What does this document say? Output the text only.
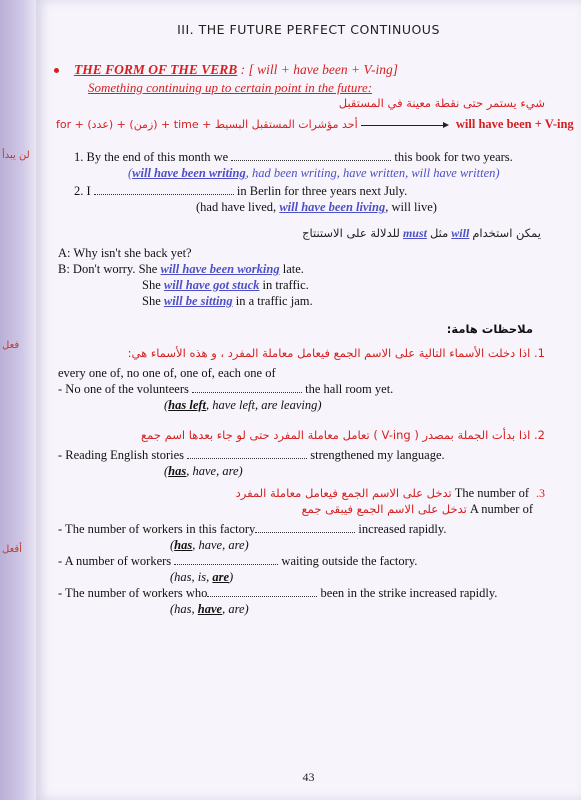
لن يبدأ
فعل
أقعل
III. THE FUTURE PERFECT CONTINUOUS
THE FORM OF THE VERB : [ will + have been + V-ing]
Something continuing up to certain point in the future:
شيء يستمر حتى نقطة معينة في المستقبل
for + (عدد) + (زمن) + time + أحد مؤشرات المستقبل البسيط	will have been + V-ing
1. By the end of this month we	this book for two years.
(will have been writing, had been writing, have written, will have written)
2. I	in Berlin for three years next July.
(had have lived, will have been living, will live)
للدلالة على الاستنتاج must مثل will يمكن استخدام
A: Why isn't she back yet?
B: Don't worry. She will have been working late.
She will have got stuck in traffic.
She will be sitting in a traffic jam.
ملاحظات هامة:
1. اذا دخلت الأسماء التالية على الاسم الجمع فيعامل معاملة المفرد ، و هذه الأسماء هي:
every one of, no one of, one of, each one of
- No one of the volunteers	the hall room yet.
(has left, have left, are leaving)
2. اذا بدأت الجملة بمصدر ( V-ing ) تعامل معاملة المفرد حتى لو جاء بعدها اسم جمع
- Reading English stories	strengthened my language.
(has, have, are)
تدخل على الاسم الجمع فيعامل معاملة المفرد The number of .3
تدخل على الاسم الجمع فيبقى جمع A number of
- The number of workers in this factory	increased rapidly.
(has, have, are)
- A number of workers	waiting outside the factory.
(has, is, are)
- The number of workers who	been in the strike increased rapidly.
(has, have, are)
43
